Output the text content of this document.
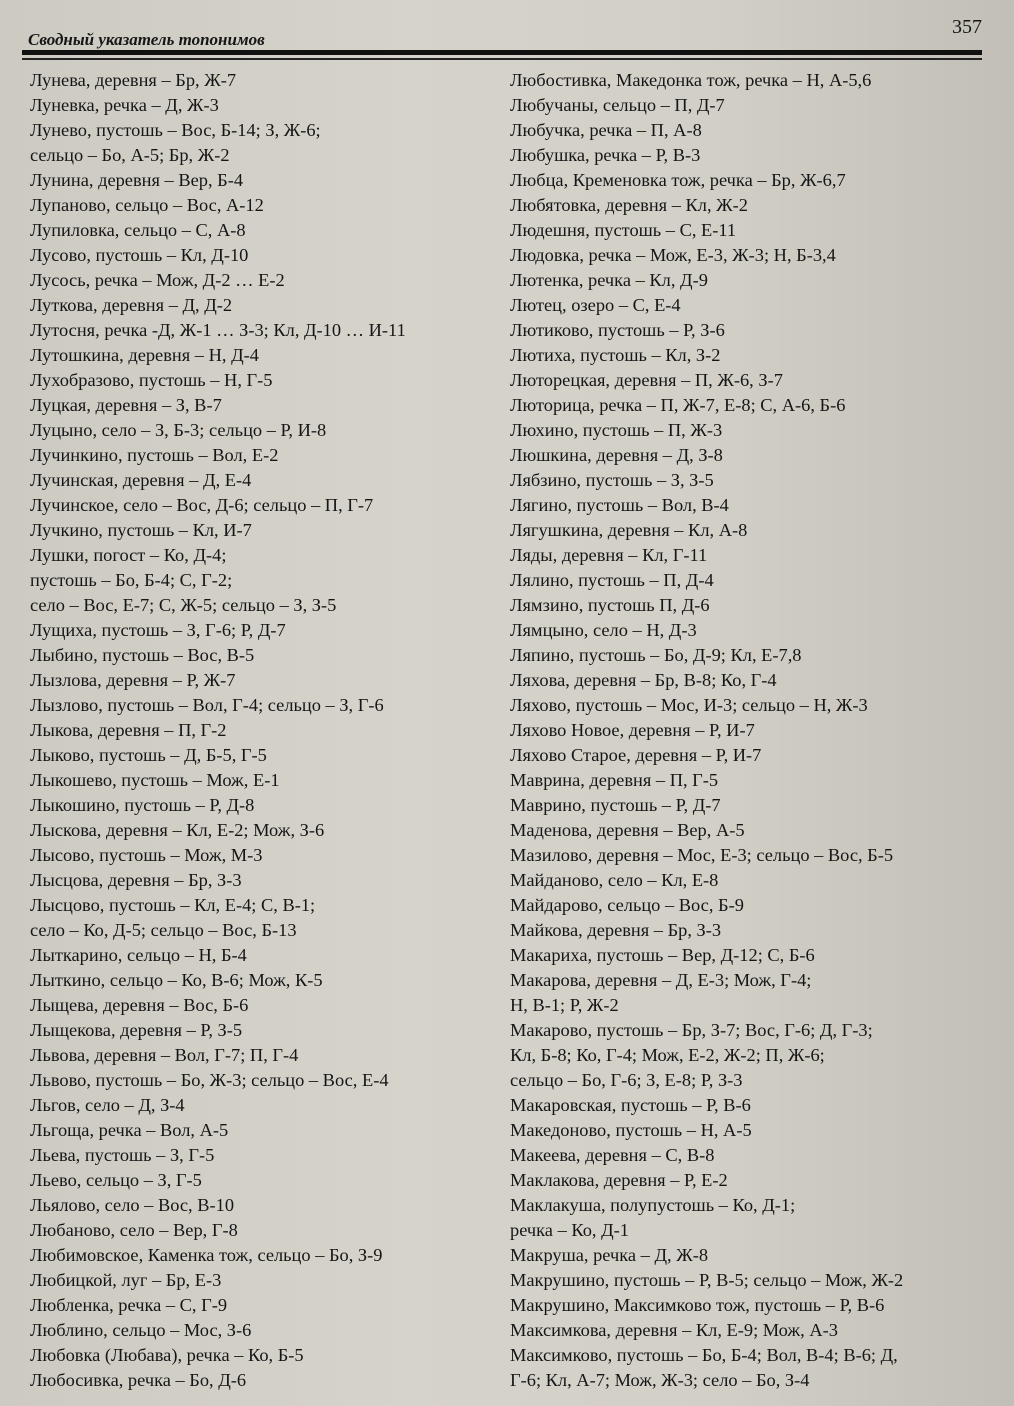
Сводный указатель топонимов
357
Лунева, деревня – Бр, Ж-7
Луневка, речка – Д, Ж-3
Лунево, пустошь – Вос, Б-14; З, Ж-6;
сельцо – Бо, А-5; Бр, Ж-2
Лунина, деревня – Вер, Б-4
Лупаново, сельцо – Вос, А-12
Лупиловка, сельцо – С, А-8
Лусово, пустошь – Кл, Д-10
Лусось, речка – Мож, Д-2 … Е-2
Луткова, деревня – Д, Д-2
Лутосня, речка -Д, Ж-1 … З-3; Кл, Д-10 … И-11
Лутошкина, деревня – Н, Д-4
Лухобразово, пустошь – Н, Г-5
Луцкая, деревня – З, В-7
Луцыно, село – З, Б-3; сельцо – Р, И-8
Лучинкино, пустошь – Вол, Е-2
Лучинская, деревня – Д, Е-4
Лучинское, село – Вос, Д-6; сельцо – П, Г-7
Лучкино, пустошь – Кл, И-7
Лушки, погост – Ко, Д-4;
пустошь – Бо, Б-4; С, Г-2;
село – Вос, Е-7; С, Ж-5; сельцо – З, З-5
Лущиха, пустошь – З, Г-6; Р, Д-7
Лыбино, пустошь – Вос, В-5
Лызлова, деревня – Р, Ж-7
Лызлово, пустошь – Вол, Г-4; сельцо – З, Г-6
Лыкова, деревня – П, Г-2
Лыково, пустошь – Д, Б-5, Г-5
Лыкошево, пустошь – Мож, Е-1
Лыкошино, пустошь – Р, Д-8
Лыскова, деревня – Кл, Е-2; Мож, З-6
Лысово, пустошь – Мож, М-3
Лысцова, деревня – Бр, З-3
Лысцово, пустошь – Кл, Е-4; С, В-1;
село – Ко, Д-5; сельцо – Вос, Б-13
Лыткарино, сельцо – Н, Б-4
Лыткино, сельцо – Ко, В-6; Мож, К-5
Лыщева, деревня – Вос, Б-6
Лыщекова, деревня – Р, З-5
Львова, деревня – Вол, Г-7; П, Г-4
Львово, пустошь – Бо, Ж-3; сельцо – Вос, Е-4
Льгов, село – Д, З-4
Льгоща, речка – Вол, А-5
Льева, пустошь – З, Г-5
Льево, сельцо – З, Г-5
Льялово, село – Вос, В-10
Любаново, село – Вер, Г-8
Любимовское, Каменка тож, сельцо – Бо, З-9
Любицкой, луг – Бр, Е-3
Любленка, речка – С, Г-9
Люблино, сельцо – Мос, З-6
Любовка (Любава), речка – Ко, Б-5
Любосивка, речка – Бо, Д-6
Любостивка, Македонка тож, речка – Н, А-5,6
Любучаны, сельцо – П, Д-7
Любучка, речка – П, А-8
Любушка, речка – Р, В-3
Любца, Кременовка тож, речка – Бр, Ж-6,7
Любятовка, деревня – Кл, Ж-2
Людешня, пустошь – С, Е-11
Людовка, речка – Мож, Е-3, Ж-3; Н, Б-3,4
Лютенка, речка – Кл, Д-9
Лютец, озеро – С, Е-4
Лютиково, пустошь – Р, З-6
Лютиха, пустошь – Кл, З-2
Люторецкая, деревня – П, Ж-6, З-7
Люторица, речка – П, Ж-7, Е-8; С, А-6, Б-6
Люхино, пустошь – П, Ж-3
Люшкина, деревня – Д, З-8
Лябзино, пустошь – З, З-5
Лягино, пустошь – Вол, В-4
Лягушкина, деревня – Кл, А-8
Ляды, деревня – Кл, Г-11
Лялино, пустошь – П, Д-4
Лямзино, пустошь П, Д-6
Лямцыно, село – Н, Д-3
Ляпино, пустошь – Бо, Д-9; Кл, Е-7,8
Ляхова, деревня – Бр, В-8; Ко, Г-4
Ляхово, пустошь – Мос, И-3; сельцо – Н, Ж-3
Ляхово Новое, деревня – Р, И-7
Ляхово Старое, деревня – Р, И-7
Маврина, деревня – П, Г-5
Маврино, пустошь – Р, Д-7
Маденова, деревня – Вер, А-5
Мазилово, деревня – Мос, Е-3; сельцо – Вос, Б-5
Майданово, село – Кл, Е-8
Майдарово, сельцо – Вос, Б-9
Майкова, деревня – Бр, З-3
Макариха, пустошь – Вер, Д-12; С, Б-6
Макарова, деревня – Д, Е-3; Мож, Г-4;
Н, В-1; Р, Ж-2
Макарово, пустошь – Бр, З-7; Вос, Г-6; Д, Г-3;
Кл, Б-8; Ко, Г-4; Мож, Е-2, Ж-2; П, Ж-6;
сельцо – Бо, Г-6; З, Е-8; Р, З-3
Макаровская, пустошь – Р, В-6
Македоново, пустошь – Н, А-5
Макеева, деревня – С, В-8
Маклакова, деревня – Р, Е-2
Маклакуша, полупустошь – Ко, Д-1;
речка – Ко, Д-1
Макруша, речка – Д, Ж-8
Макрушино, пустошь – Р, В-5; сельцо – Мож, Ж-2
Макрушино, Максимково тож, пустошь – Р, В-6
Максимкова, деревня – Кл, Е-9; Мож, А-3
Максимково, пустошь – Бо, Б-4; Вол, В-4; В-6; Д,
Г-6; Кл, А-7; Мож, Ж-3; село – Бо, З-4
